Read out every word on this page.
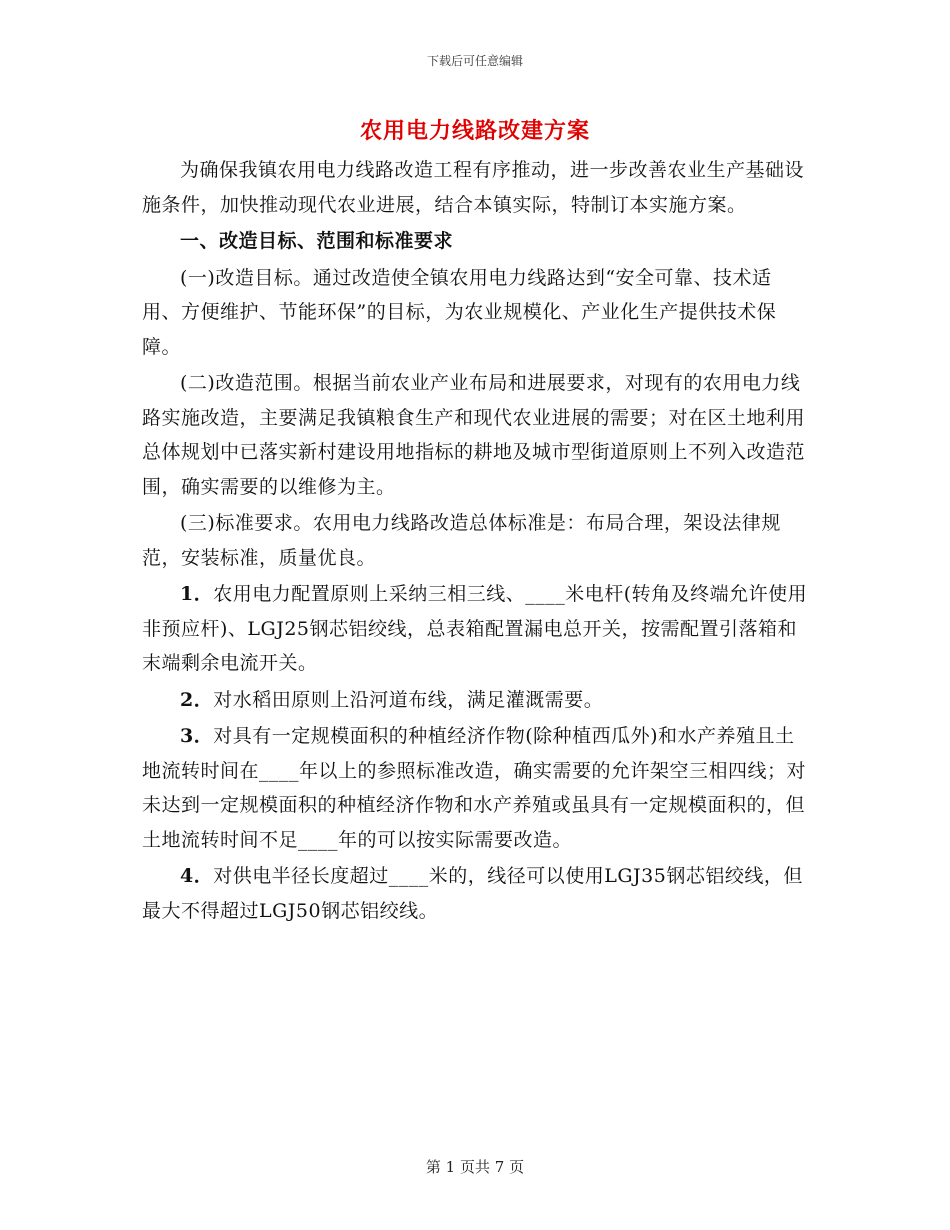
下载后可任意编辑
农用电力线路改建方案

为确保我镇农用电力线路改造工程有序推动，进一步改善农业生产基础设施条件，加快推动现代农业进展，结合本镇实际，特制订本实施方案。

一、改造目标、范围和标准要求

(一)改造目标。通过改造使全镇农用电力线路达到“安全可靠、技术适用、方便维护、节能环保”的目标，为农业规模化、产业化生产提供技术保障。

(二)改造范围。根据当前农业产业布局和进展要求，对现有的农用电力线路实施改造，主要满足我镇粮食生产和现代农业进展的需要；对在区土地利用总体规划中已落实新村建设用地指标的耕地及城市型街道原则上不列入改造范围，确实需要的以维修为主。

(三)标准要求。农用电力线路改造总体标准是：布局合理，架设法律规范，安装标准，质量优良。

1．农用电力配置原则上采纳三相三线、____米电杆(转角及终端允许使用非预应杆)、LGJ25钢芯铝绞线，总表箱配置漏电总开关，按需配置引落箱和末端剩余电流开关。

2．对水稻田原则上沿河道布线，满足灌溉需要。

3．对具有一定规模面积的种植经济作物(除种植西瓜外)和水产养殖且土地流转时间在____年以上的参照标准改造，确实需要的允许架空三相四线；对未达到一定规模面积的种植经济作物和水产养殖或虽具有一定规模面积的，但土地流转时间不足____年的可以按实际需要改造。

4．对供电半径长度超过____米的，线径可以使用LGJ35钢芯铝绞线，但最大不得超过LGJ50钢芯铝绞线。

第 1 页共 7 页
